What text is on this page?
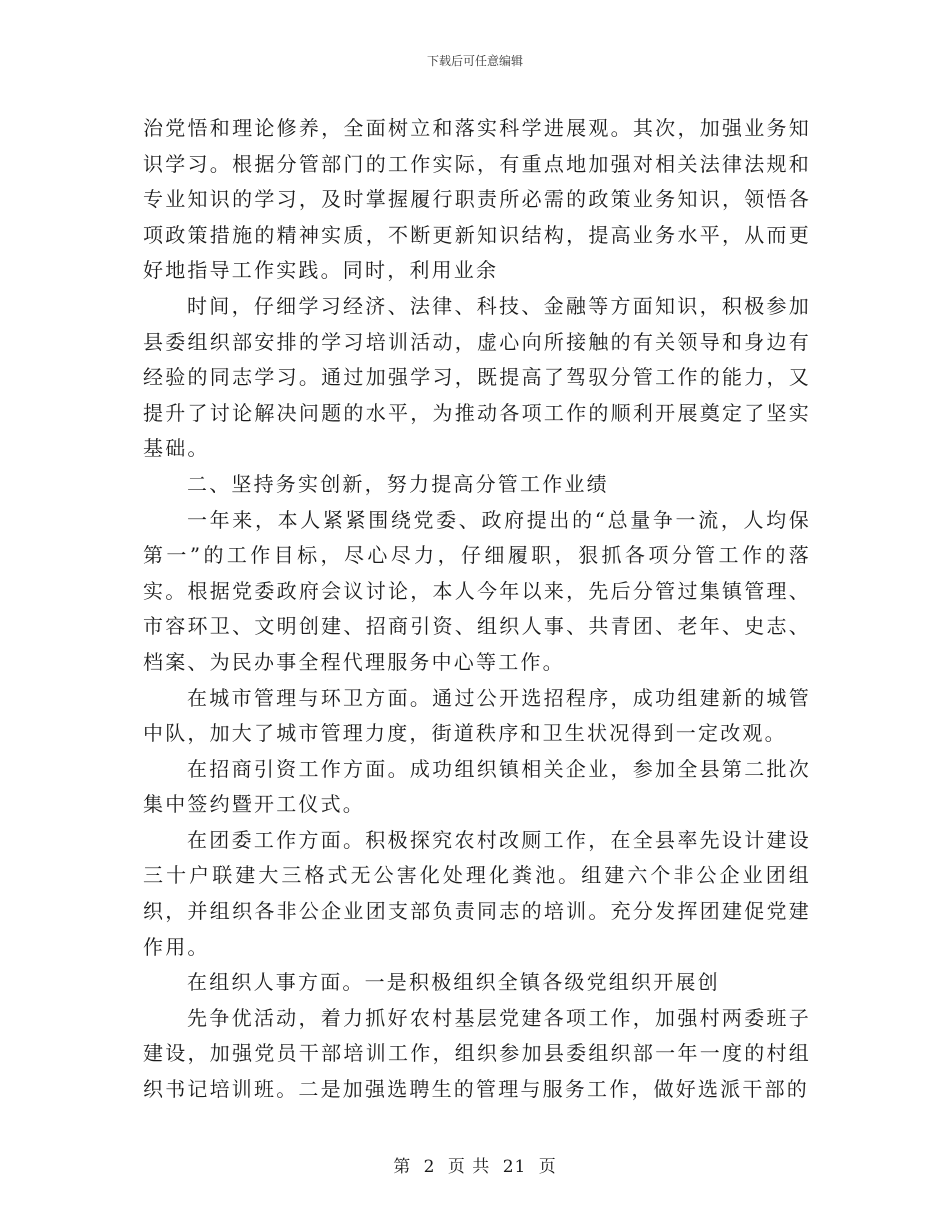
下载后可任意编辑

治党悟和理论修养，全面树立和落实科学进展观。其次，加强业务知识学习。根据分管部门的工作实际，有重点地加强对相关法律法规和专业知识的学习，及时掌握履行职责所必需的政策业务知识，领悟各项政策措施的精神实质，不断更新知识结构，提高业务水平，从而更好地指导工作实践。同时，利用业余

时间，仔细学习经济、法律、科技、金融等方面知识，积极参加县委组织部安排的学习培训活动，虚心向所接触的有关领导和身边有经验的同志学习。通过加强学习，既提高了驾驭分管工作的能力，又提升了讨论解决问题的水平，为推动各项工作的顺利开展奠定了坚实基础。

二、坚持务实创新，努力提高分管工作业绩

一年来，本人紧紧围绕党委、政府提出的“总量争一流，人均保第一”的工作目标，尽心尽力，仔细履职，狠抓各项分管工作的落实。根据党委政府会议讨论，本人今年以来，先后分管过集镇管理、市容环卫、文明创建、招商引资、组织人事、共青团、老年、史志、档案、为民办事全程代理服务中心等工作。

在城市管理与环卫方面。通过公开选招程序，成功组建新的城管中队，加大了城市管理力度，街道秩序和卫生状况得到一定改观。

在招商引资工作方面。成功组织镇相关企业，参加全县第二批次集中签约暨开工仪式。

在团委工作方面。积极探究农村改厕工作，在全县率先设计建设三十户联建大三格式无公害化处理化粪池。组建六个非公企业团组织，并组织各非公企业团支部负责同志的培训。充分发挥团建促党建作用。

在组织人事方面。一是积极组织全镇各级党组织开展创

先争优活动，着力抓好农村基层党建各项工作，加强村两委班子建设，加强党员干部培训工作，组织参加县委组织部一年一度的村组织书记培训班。二是加强选聘生的管理与服务工作，做好选派干部的

第 2 页 共 21 页
